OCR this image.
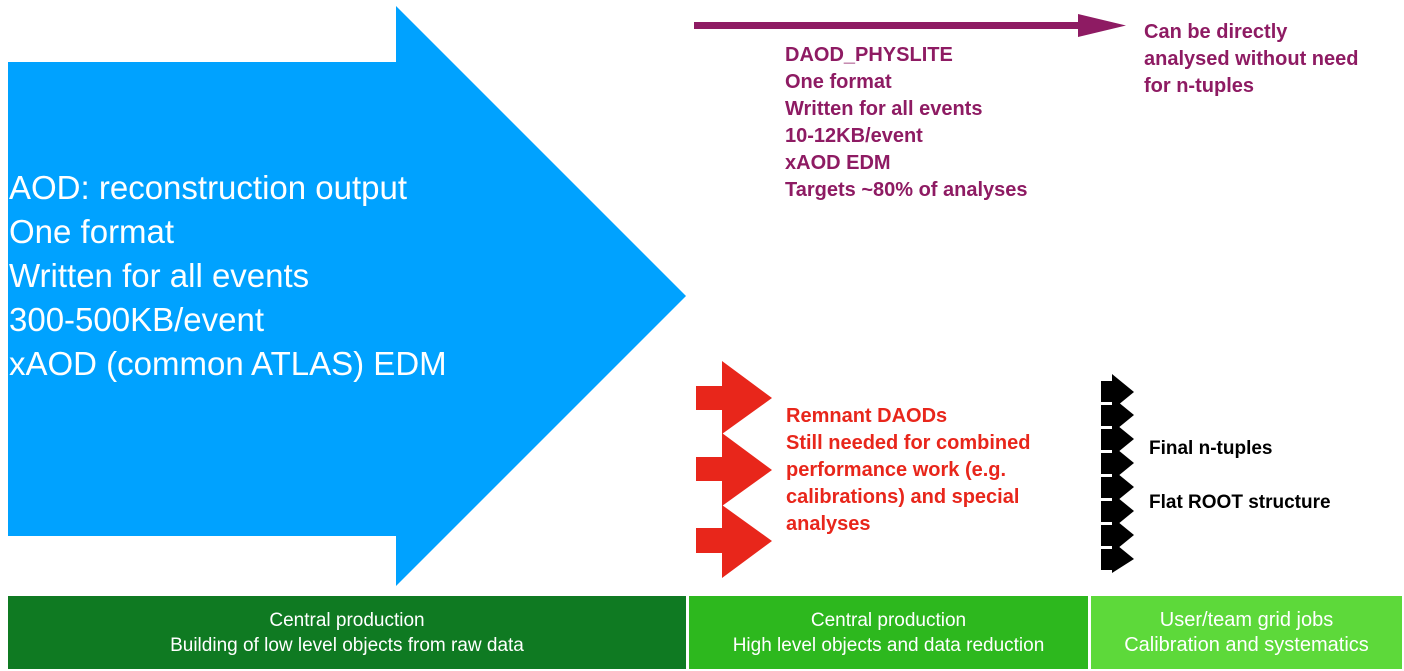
AOD: reconstruction output
One format
Written for all events
300-500KB/event
xAOD (common ATLAS) EDM
DAOD_PHYSLITE
One format
Written for all events
10-12KB/event
xAOD EDM
Targets ~80% of analyses
Can be directly
analysed without need
for n-tuples
Remnant DAODs
Still needed for combined
performance work (e.g.
calibrations) and special
analyses
Final n-tuples
Flat ROOT structure
Central production
Building of low level objects from raw data
Central production
High level objects and data reduction
User/team grid jobs
Calibration and systematics
